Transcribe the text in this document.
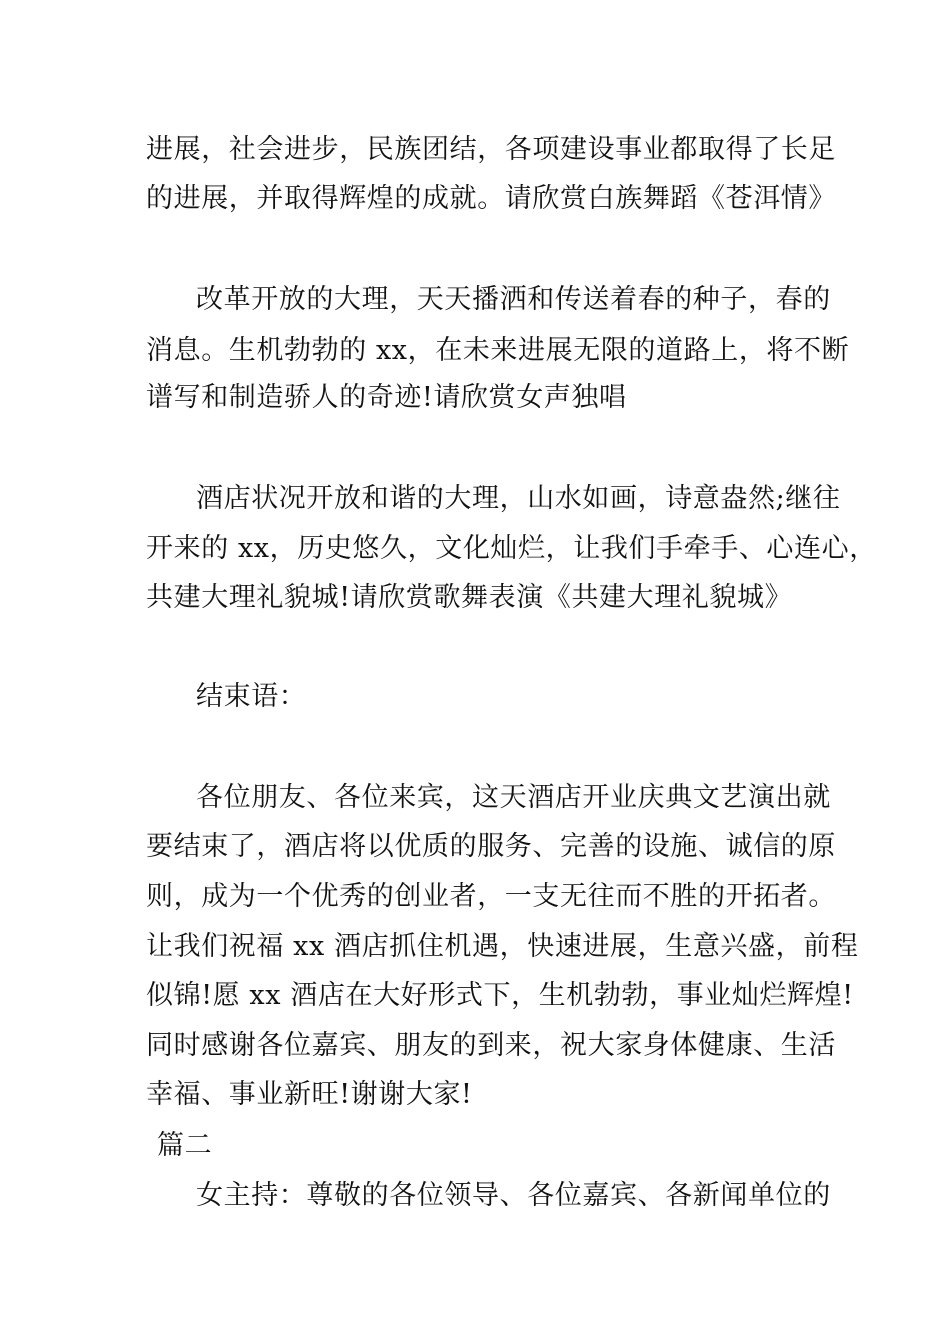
进展，社会进步，民族团结，各项建设事业都取得了长足
的进展，并取得辉煌的成就。请欣赏白族舞蹈《苍洱情》
改革开放的大理，天天播洒和传送着春的种子，春的
消息。生机勃勃的 xx，在未来进展无限的道路上，将不断
谱写和制造骄人的奇迹!请欣赏女声独唱
酒店状况开放和谐的大理，山水如画，诗意盎然;继往
开来的 xx，历史悠久，文化灿烂，让我们手牵手、心连心，
共建大理礼貌城!请欣赏歌舞表演《共建大理礼貌城》
结束语：
各位朋友、各位来宾，这天酒店开业庆典文艺演出就
要结束了，酒店将以优质的服务、完善的设施、诚信的原
则，成为一个优秀的创业者，一支无往而不胜的开拓者。
让我们祝福 xx 酒店抓住机遇，快速进展，生意兴盛，前程
似锦!愿 xx 酒店在大好形式下，生机勃勃，事业灿烂辉煌!
同时感谢各位嘉宾、朋友的到来，祝大家身体健康、生活
幸福、事业新旺!谢谢大家!
篇二
女主持：尊敬的各位领导、各位嘉宾、各新闻单位的
